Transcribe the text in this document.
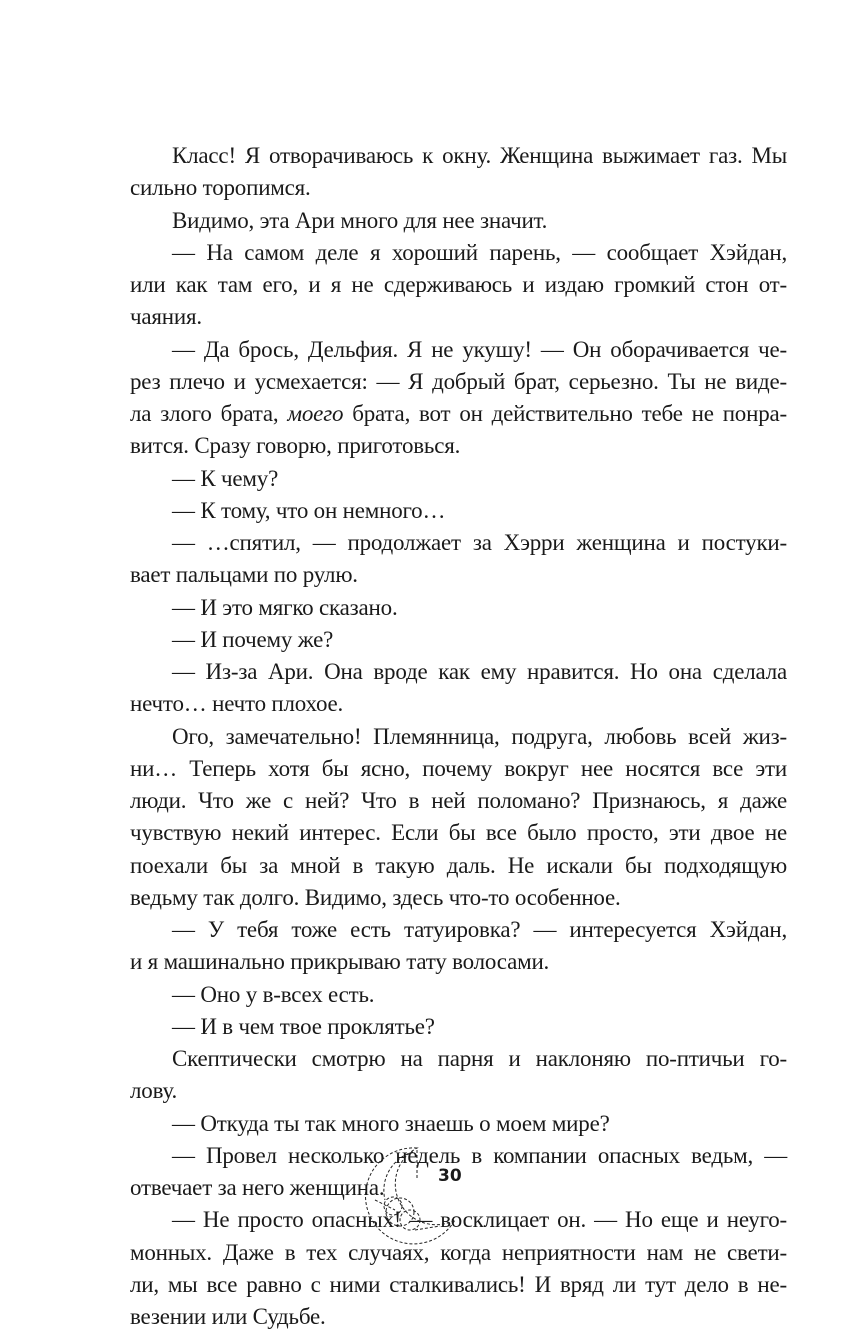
Класс! Я отворачиваюсь к окну. Женщина выжимает газ. Мы
сильно торопимся.
Видимо, эта Ари много для нее значит.
— На самом деле я хороший парень, — сообщает Хэйдан,
или как там его, и я не сдерживаюсь и издаю громкий стон от-
чаяния.
— Да брось, Дельфия. Я не укушу! — Он оборачивается че-
рез плечо и усмехается: — Я добрый брат, серьезно. Ты не виде-
ла злого брата, моего брата, вот он действительно тебе не понра-
вится. Сразу говорю, приготовься.
— К чему?
— К тому, что он немного…
— …спятил, — продолжает за Хэрри женщина и постуки-
вает пальцами по рулю.
— И это мягко сказано.
— И почему же?
— Из-за Ари. Она вроде как ему нравится. Но она сделала
нечто… нечто плохое.
Ого, замечательно! Племянница, подруга, любовь всей жиз-
ни… Теперь хотя бы ясно, почему вокруг нее носятся все эти
люди. Что же с ней? Что в ней поломано? Признаюсь, я даже
чувствую некий интерес. Если бы все было просто, эти двое не
поехали бы за мной в такую даль. Не искали бы подходящую
ведьму так долго. Видимо, здесь что-то особенное.
— У тебя тоже есть татуировка? — интересуется Хэйдан,
и я машинально прикрываю тату волосами.
— Оно у в-всех есть.
— И в чем твое проклятье?
Скептически смотрю на парня и наклоняю по-птичьи го-
лову.
— Откуда ты так много знаешь о моем мире?
— Провел несколько недель в компании опасных ведьм, —
отвечает за него женщина.
— Не просто опасных! — восклицает он. — Но еще и неуго-
монных. Даже в тех случаях, когда неприятности нам не свети-
ли, мы все равно с ними сталкивались! И вряд ли тут дело в не-
везении или Судьбе.
30
